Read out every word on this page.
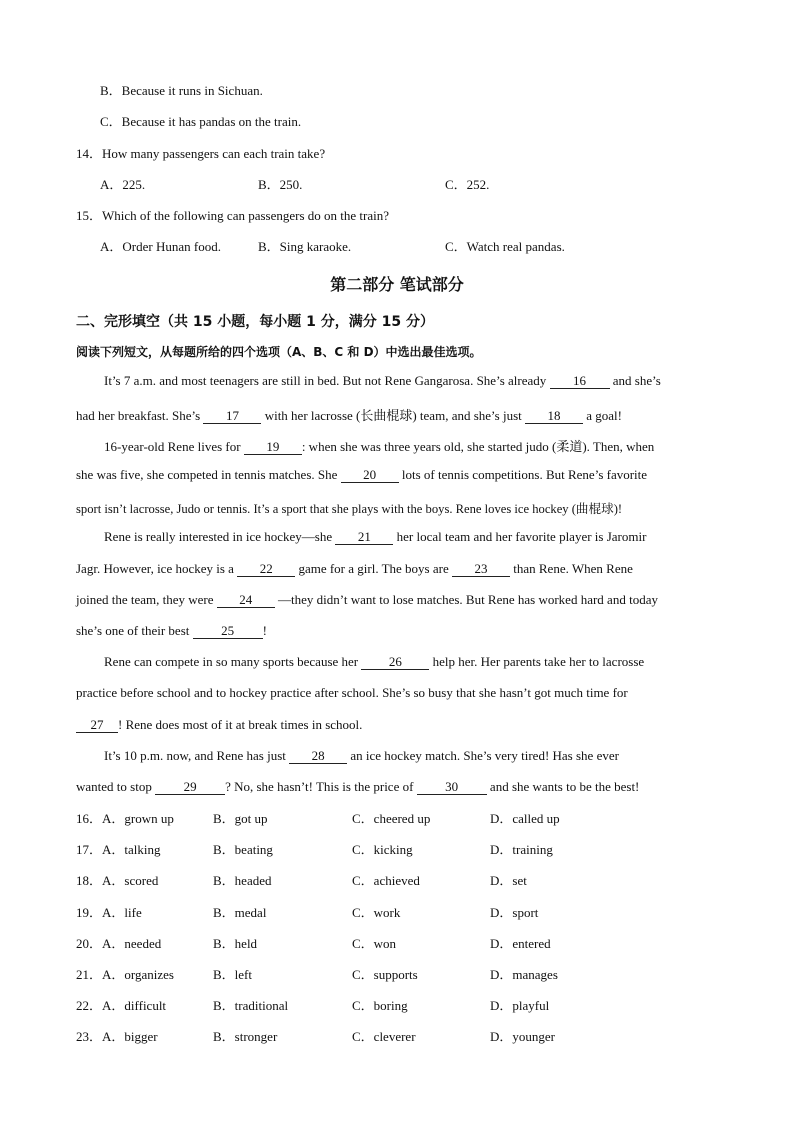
B．Because it runs in Sichuan.
C．Because it has pandas on the train.
14．How many passengers can each train take?
A．225.	B．250.	C．252.
15．Which of the following can passengers do on the train?
A．Order Hunan food.	B．Sing karaoke.	C．Watch real pandas.
第二部分 笔试部分
二、完形填空（共 15 小题，每小题 1 分，满分 15 分）
阅读下列短文，从每题所给的四个选项（A、B、C 和 D）中选出最佳选项。
It’s 7 a.m. and most teenagers are still in bed. But not Rene Gangarosa. She’s already 16 and she’s
had her breakfast. She’s 17 with her lacrosse (长曲棍球) team, and she’s just 18 a goal!
16-year-old Rene lives for 19 : when she was three years old, she started judo (柔道). Then, when
she was five, she competed in tennis matches. She 20 lots of tennis competitions. But Rene’s favorite
sport isn’t lacrosse, Judo or tennis. It’s a sport that she plays with the boys. Rene loves ice hockey (曲棍球)!
Rene is really interested in ice hockey—she 21 her local team and her favorite player is Jaromir
Jagr. However, ice hockey is a 22 game for a girl. The boys are 23 than Rene. When Rene
joined the team, they were 24 —they didn’t want to lose matches. But Rene has worked hard and today
she’s one of their best 25 !
Rene can compete in so many sports because her 26 help her. Her parents take her to lacrosse
practice before school and to hockey practice after school. She’s so busy that she hasn’t got much time for
27 ! Rene does most of it at break times in school.
It’s 10 p.m. now, and Rene has just 28 an ice hockey match. She’s very tired! Has she ever
wanted to stop 29 ? No, she hasn’t! This is the price of 30 and she wants to be the best!
16．A．grown up	B．got up	C．cheered up	D．called up
17．A．talking	B．beating	C．kicking	D．training
18．A．scored	B．headed	C．achieved	D．set
19．A．life	B．medal	C．work	D．sport
20．A．needed	B．held	C．won	D．entered
21．A．organizes	B．left	C．supports	D．manages
22．A．difficult	B．traditional	C．boring	D．playful
23．A．bigger	B．stronger	C．cleverer	D．younger
